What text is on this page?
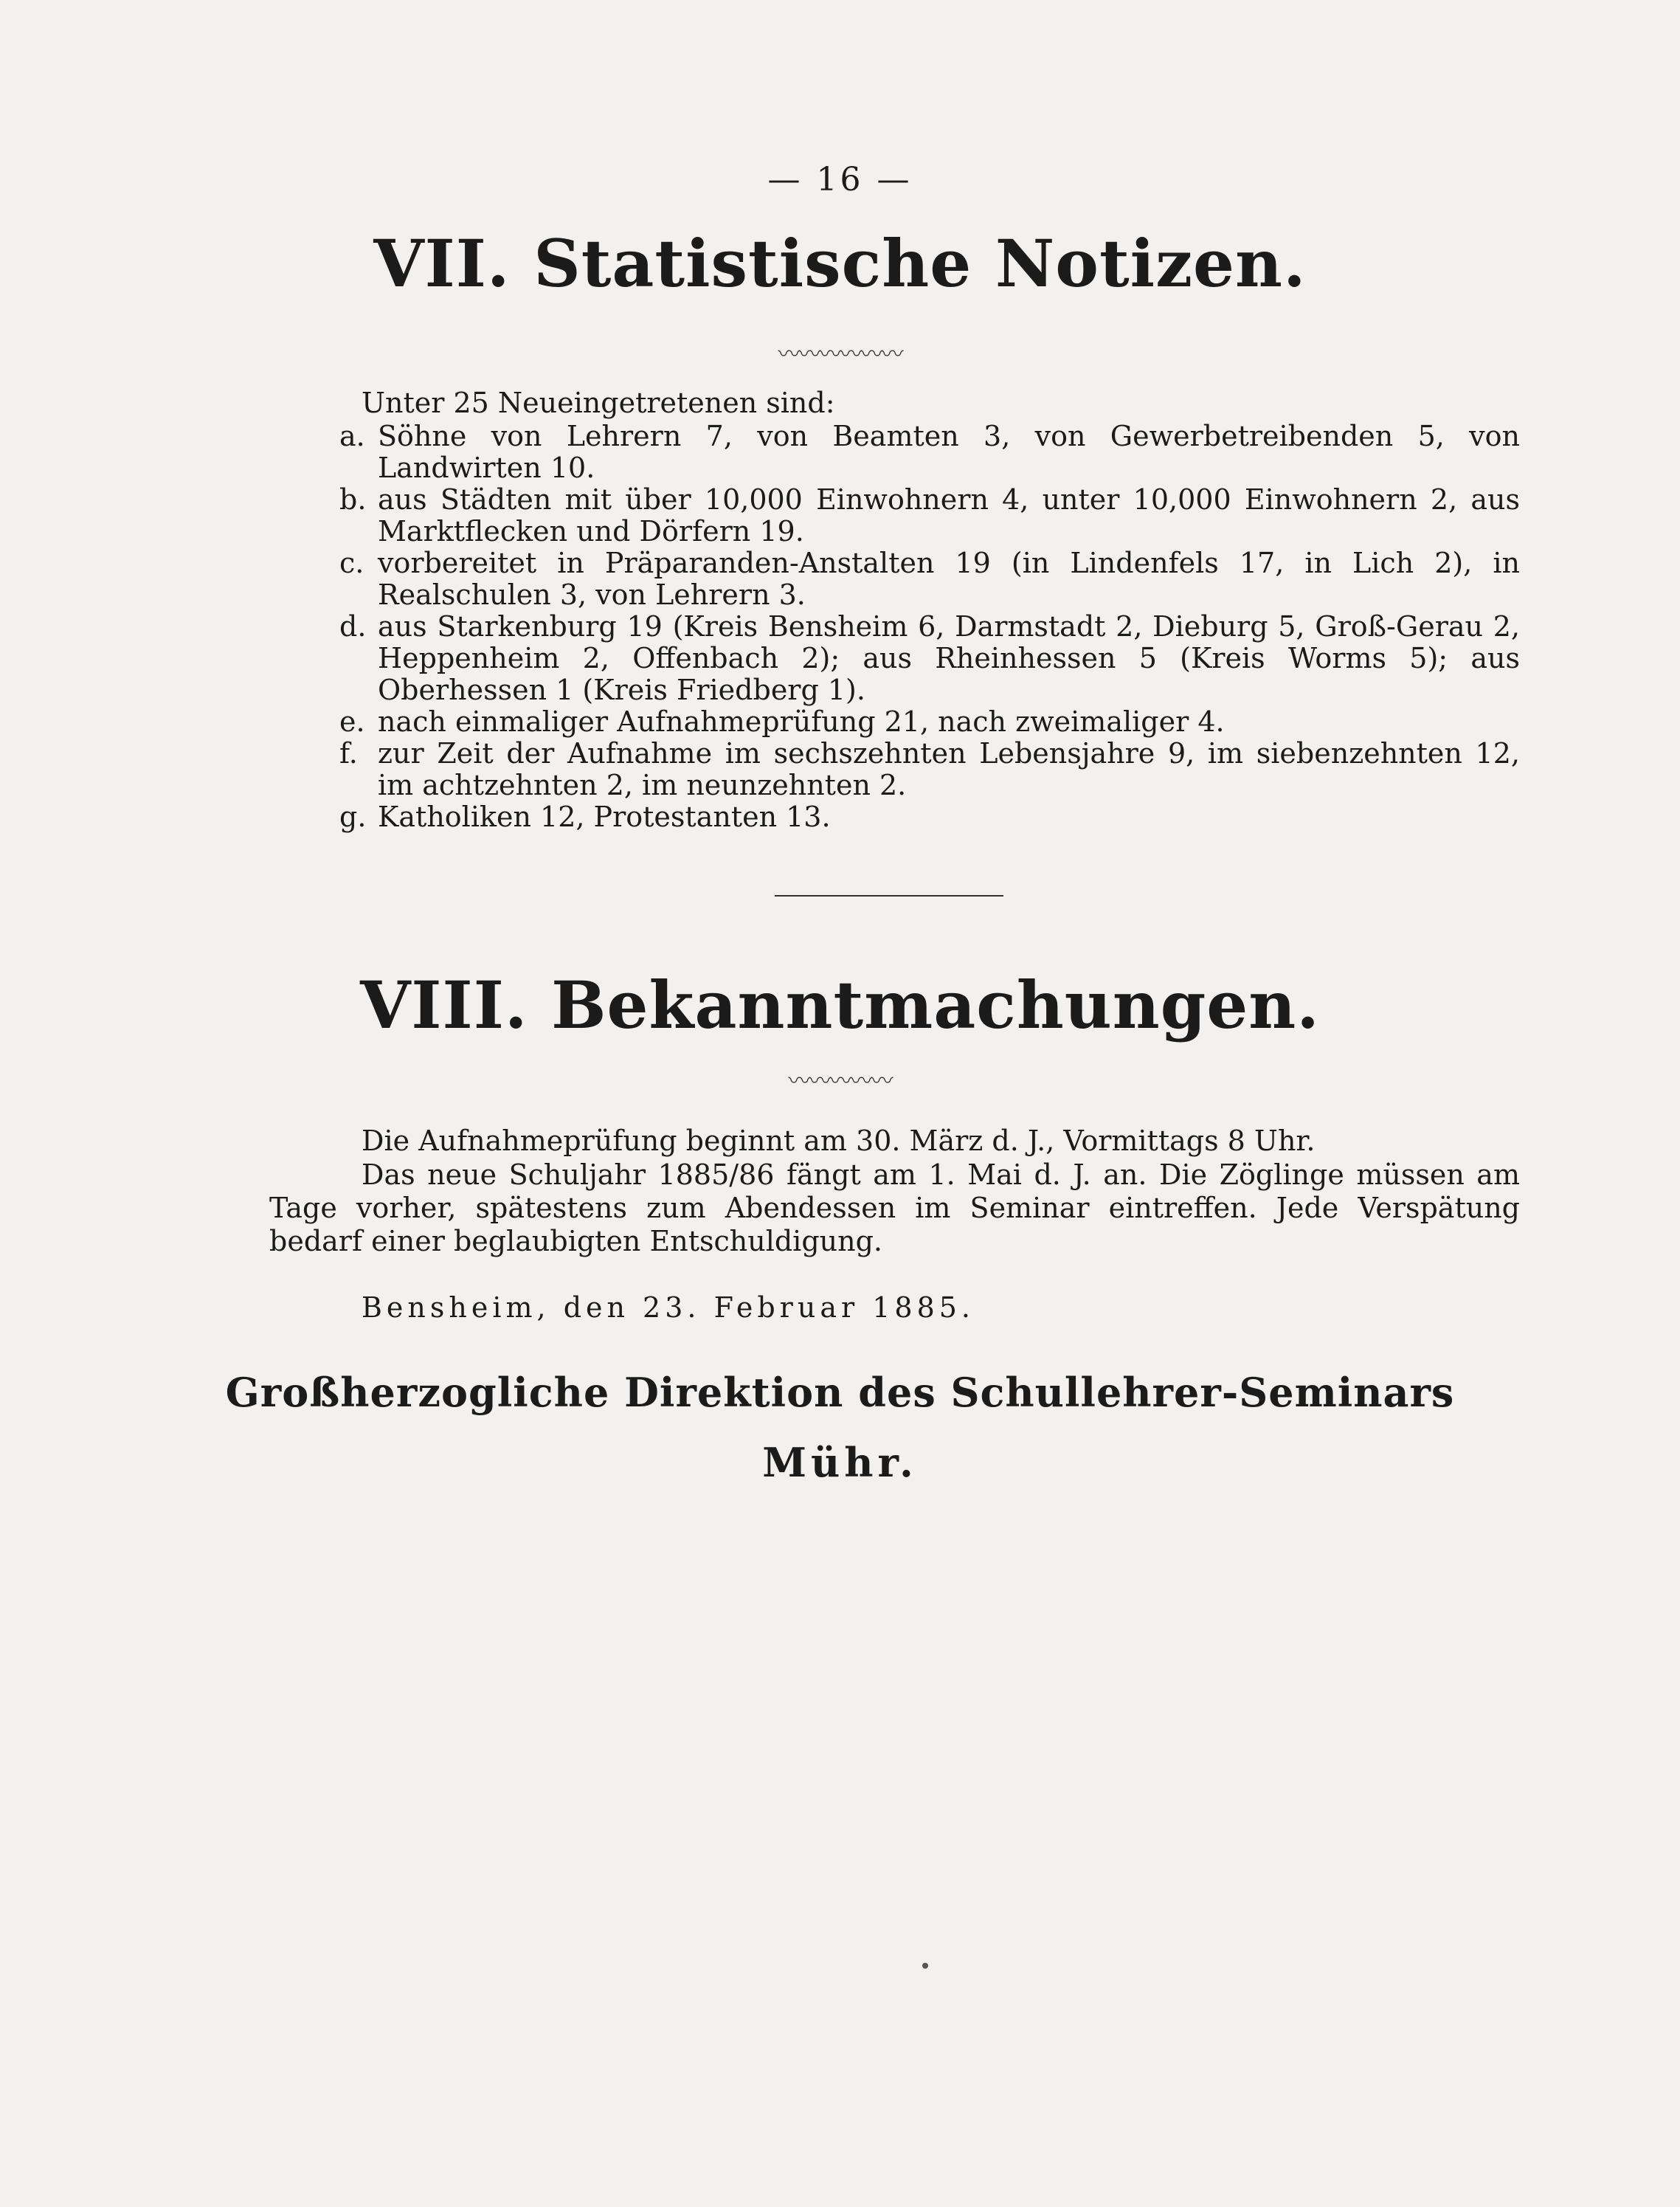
— 16 —
VII. Statistische Notizen.
〰〰〰〰〰〰
Unter 25 Neueingetretenen sind:
a. Söhne von Lehrern 7, von Beamten 3, von Gewerbetreibenden 5, von Landwirten 10.
b. aus Städten mit über 10,000 Einwohnern 4, unter 10,000 Einwohnern 2, aus Marktflecken und Dörfern 19.
c. vorbereitet in Präparanden-Anstalten 19 (in Lindenfels 17, in Lich 2), in Realschulen 3, von Lehrern 3.
d. aus Starkenburg 19 (Kreis Bensheim 6, Darmstadt 2, Dieburg 5, Groß-Gerau 2, Heppenheim 2, Offenbach 2); aus Rheinhessen 5 (Kreis Worms 5); aus Oberhessen 1 (Kreis Friedberg 1).
e. nach einmaliger Aufnahmeprüfung 21, nach zweimaliger 4.
f. zur Zeit der Aufnahme im sechszehnten Lebensjahre 9, im siebenzehnten 12, im achtzehnten 2, im neunzehnten 2.
g. Katholiken 12, Protestanten 13.
VIII. Bekanntmachungen.
〰〰〰〰〰
Die Aufnahmeprüfung beginnt am 30. März d. J., Vormittags 8 Uhr.
Das neue Schuljahr 1885/86 fängt am 1. Mai d. J. an. Die Zöglinge müssen am Tage vorher, spätestens zum Abendessen im Seminar eintreffen. Jede Verspätung bedarf einer beglaubigten Entschuldigung.
Bensheim, den 23. Februar 1885.
Großherzogliche Direktion des Schullehrer-Seminars
Mühr.
